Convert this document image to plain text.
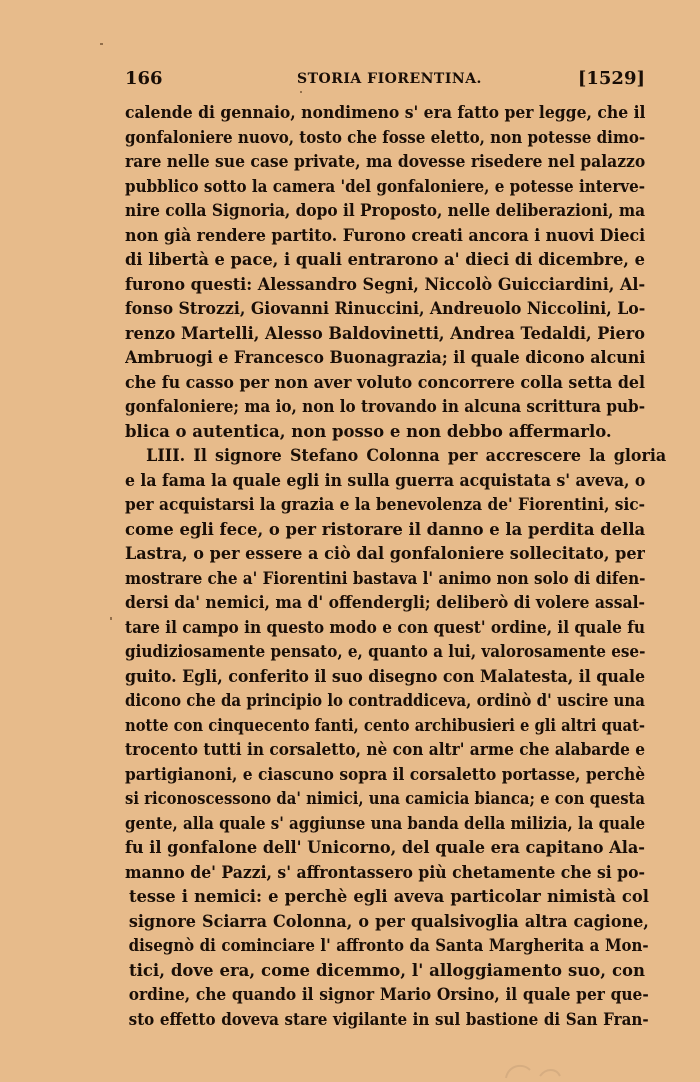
166	STORIA FIORENTINA.	[1529]
calende di gennaio, nondimeno s' era fatto per legge, che il
gonfaloniere nuovo, tosto che fosse eletto, non potesse dimo-
rare nelle sue case private, ma dovesse risedere nel palazzo
pubblico sotto la camera 'del gonfaloniere, e potesse interve-
nire colla Signoria, dopo il Proposto, nelle deliberazioni, ma
non già rendere partito. Furono creati ancora i nuovi Dieci
di libertà e pace, i quali entrarono a' dieci di dicembre, e
furono questi: Alessandro Segni, Niccolò Guicciardini, Al-
fonso Strozzi, Giovanni Rinuccini, Andreuolo Niccolini, Lo-
renzo Martelli, Alesso Baldovinetti, Andrea Tedaldi, Piero
Ambruogi e Francesco Buonagrazia; il quale dicono alcuni
che fu casso per non aver voluto concorrere colla setta del
gonfaloniere; ma io, non lo trovando in alcuna scrittura pub-
blica o autentica, non posso e non debbo affermarlo.
LIII. Il signore Stefano Colonna per accrescere la gloria
e la fama la quale egli in sulla guerra acquistata s' aveva, o
per acquistarsi la grazia e la benevolenza de' Fiorentini, sic-
come egli fece, o per ristorare il danno e la perdita della
Lastra, o per essere a ciò dal gonfaloniere sollecitato, per
mostrare che a' Fiorentini bastava l' animo non solo di difen-
dersi da' nemici, ma d' offendergli; deliberò di volere assal-
tare il campo in questo modo e con quest' ordine, il quale fu
giudiziosamente pensato, e, quanto a lui, valorosamente ese-
guito. Egli, conferito il suo disegno con Malatesta, il quale
dicono che da principio lo contraddiceva, ordinò d' uscire una
notte con cinquecento fanti, cento archibusieri e gli altri quat-
trocento tutti in corsaletto, nè con altr' arme che alabarde e
partigianoni, e ciascuno sopra il corsaletto portasse, perchè
si riconoscessono da' nimici, una camicia bianca; e con questa
gente, alla quale s' aggiunse una banda della milizia, la quale
fu il gonfalone dell' Unicorno, del quale era capitano Ala-
manno de' Pazzi, s' affrontassero più chetamente che si po-
tesse i nemici: e perchè egli aveva particolar nimistà col
signore Sciarra Colonna, o per qualsivoglia altra cagione,
disegnò di cominciare l' affronto da Santa Margherita a Mon-
tici, dove era, come dicemmo, l' alloggiamento suo, con
ordine, che quando il signor Mario Orsino, il quale per que-
sto effetto doveva stare vigilante in sul bastione di San Fran-
